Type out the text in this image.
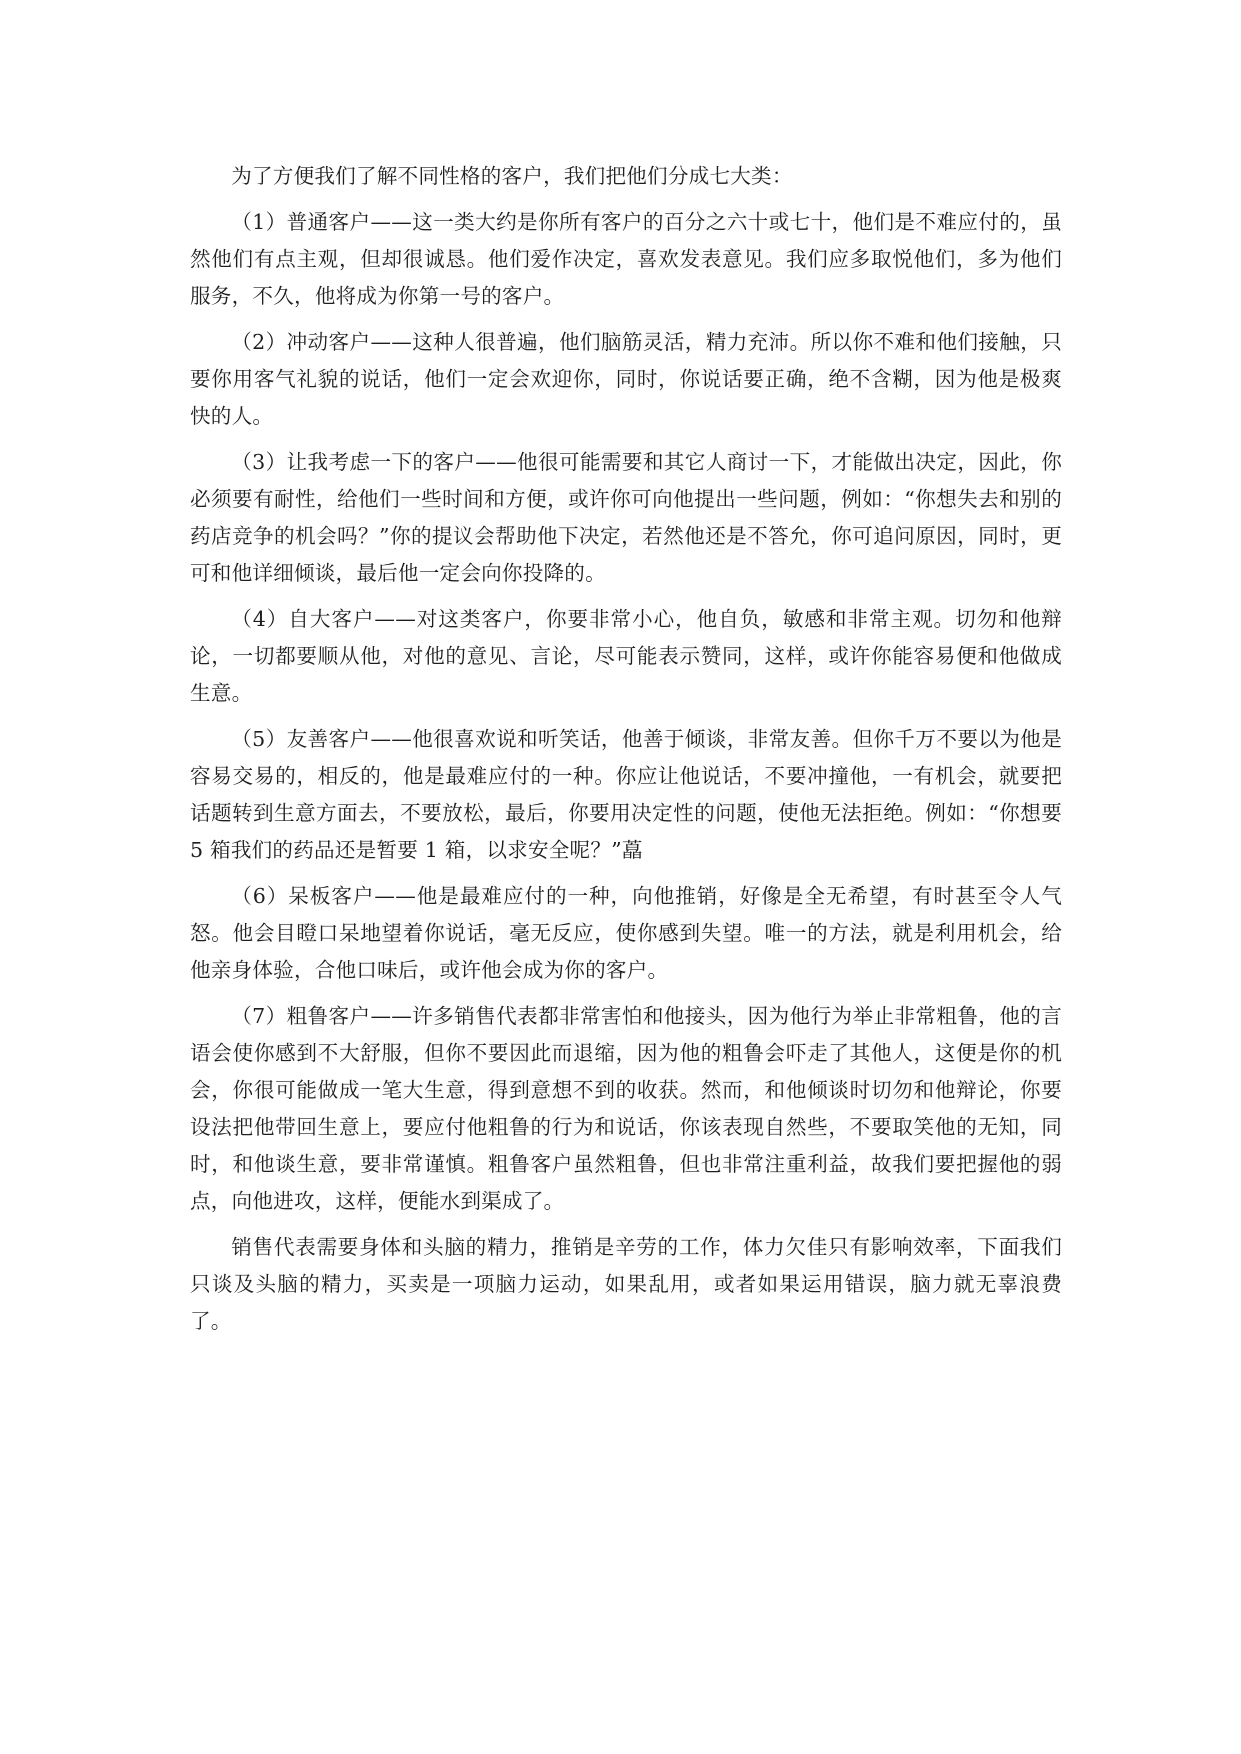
为了方便我们了解不同性格的客户，我们把他们分成七大类：

（1）普通客户——这一类大约是你所有客户的百分之六十或七十，他们是不难应付的，虽然他们有点主观，但却很诚恳。他们爱作决定，喜欢发表意见。我们应多取悦他们，多为他们服务，不久，他将成为你第一号的客户。

（2）冲动客户——这种人很普遍，他们脑筋灵活，精力充沛。所以你不难和他们接触，只要你用客气礼貌的说话，他们一定会欢迎你，同时，你说话要正确，绝不含糊，因为他是极爽快的人。

（3）让我考虑一下的客户——他很可能需要和其它人商讨一下，才能做出决定，因此，你必须要有耐性，给他们一些时间和方便，或许你可向他提出一些问题，例如：“你想失去和别的药店竞争的机会吗？”你的提议会帮助他下决定，若然他还是不答允，你可追问原因，同时，更可和他详细倾谈，最后他一定会向你投降的。

（4）自大客户——对这类客户，你要非常小心，他自负，敏感和非常主观。切勿和他辩论，一切都要顺从他，对他的意见、言论，尽可能表示赞同，这样，或许你能容易便和他做成生意。

（5）友善客户——他很喜欢说和听笑话，他善于倾谈，非常友善。但你千万不要以为他是容易交易的，相反的，他是最难应付的一种。你应让他说话，不要冲撞他，一有机会，就要把话题转到生意方面去，不要放松，最后，你要用决定性的问题，使他无法拒绝。例如：“你想要 5 箱我们的药品还是暂要 1 箱，以求安全呢？”藠

（6）呆板客户——他是最难应付的一种，向他推销，好像是全无希望，有时甚至令人气怒。他会目瞪口呆地望着你说话，毫无反应，使你感到失望。唯一的方法，就是利用机会，给他亲身体验，合他口味后，或许他会成为你的客户。

（7）粗鲁客户——许多销售代表都非常害怕和他接头，因为他行为举止非常粗鲁，他的言语会使你感到不大舒服，但你不要因此而退缩，因为他的粗鲁会吓走了其他人，这便是你的机会，你很可能做成一笔大生意，得到意想不到的收获。然而，和他倾谈时切勿和他辩论，你要设法把他带回生意上，要应付他粗鲁的行为和说话，你该表现自然些，不要取笑他的无知，同时，和他谈生意，要非常谨慎。粗鲁客户虽然粗鲁，但也非常注重利益，故我们要把握他的弱点，向他进攻，这样，便能水到渠成了。

销售代表需要身体和头脑的精力，推销是辛劳的工作，体力欠佳只有影响效率，下面我们只谈及头脑的精力，买卖是一项脑力运动，如果乱用，或者如果运用错误，脑力就无辜浪费了。
